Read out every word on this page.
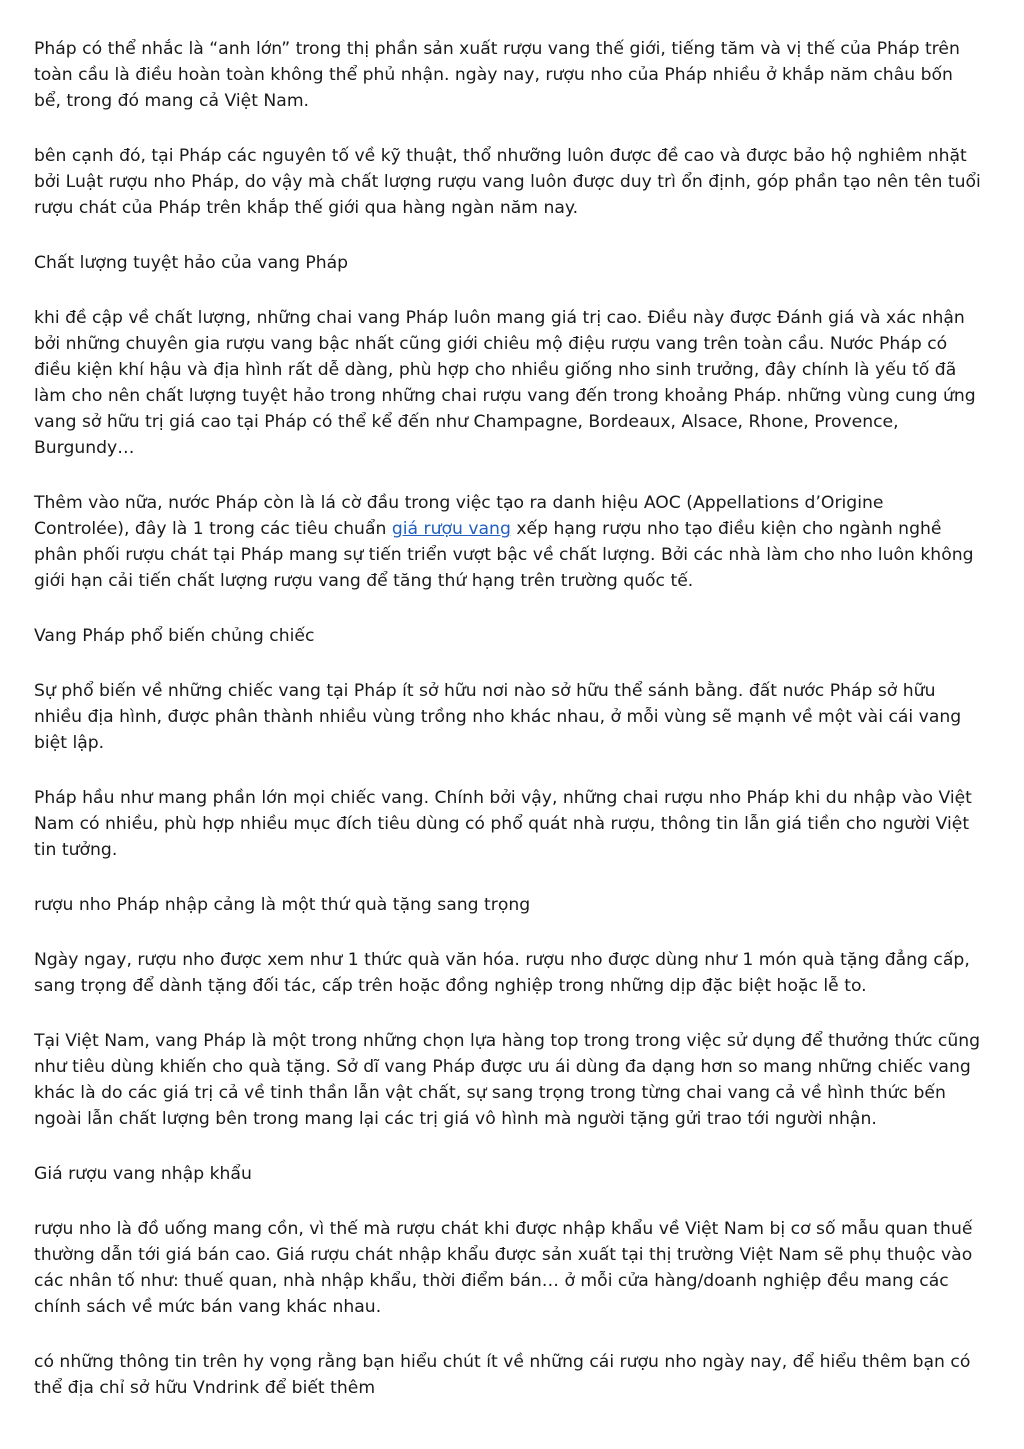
Pháp có thể nhắc là “anh lớn” trong thị phần sản xuất rượu vang thế giới, tiếng tăm và vị thế của Pháp trên toàn cầu là điều hoàn toàn không thể phủ nhận. ngày nay, rượu nho của Pháp nhiều ở khắp năm châu bốn bể, trong đó mang cả Việt Nam.

bên cạnh đó, tại Pháp các nguyên tố về kỹ thuật, thổ nhưỡng luôn được đề cao và được bảo hộ nghiêm nhặt bởi Luật rượu nho Pháp, do vậy mà chất lượng rượu vang luôn được duy trì ổn định, góp phần tạo nên tên tuổi rượu chát của Pháp trên khắp thế giới qua hàng ngàn năm nay.

Chất lượng tuyệt hảo của vang Pháp

khi đề cập về chất lượng, những chai vang Pháp luôn mang giá trị cao. Điều này được Đánh giá và xác nhận bởi những chuyên gia rượu vang bậc nhất cũng giới chiêu mộ điệu rượu vang trên toàn cầu. Nước Pháp có điều kiện khí hậu và địa hình rất dễ dàng, phù hợp cho nhiều giống nho sinh trưởng, đây chính là yếu tố đã làm cho nên chất lượng tuyệt hảo trong những chai rượu vang đến trong khoảng Pháp. những vùng cung ứng vang sở hữu trị giá cao tại Pháp có thể kể đến như Champagne, Bordeaux, Alsace, Rhone, Provence, Burgundy…

Thêm vào nữa, nước Pháp còn là lá cờ đầu trong việc tạo ra danh hiệu AOC (Appellations d’Origine Controlée), đây là 1 trong các tiêu chuẩn giá rượu vang xếp hạng rượu nho tạo điều kiện cho ngành nghề phân phối rượu chát tại Pháp mang sự tiến triển vượt bậc về chất lượng. Bởi các nhà làm cho nho luôn không giới hạn cải tiến chất lượng rượu vang để tăng thứ hạng trên trường quốc tế.

Vang Pháp phổ biến chủng chiếc

Sự phổ biến về những chiếc vang tại Pháp ít sở hữu nơi nào sở hữu thể sánh bằng. đất nước Pháp sở hữu nhiều địa hình, được phân thành nhiều vùng trồng nho khác nhau, ở mỗi vùng sẽ mạnh về một vài cái vang biệt lập.

Pháp hầu như mang phần lớn mọi chiếc vang. Chính bởi vậy, những chai rượu nho Pháp khi du nhập vào Việt Nam có nhiều, phù hợp nhiều mục đích tiêu dùng có phổ quát nhà rượu, thông tin lẫn giá tiền cho người Việt tin tưởng.

rượu nho Pháp nhập cảng là một thứ quà tặng sang trọng

Ngày ngay, rượu nho được xem như 1 thức quà văn hóa. rượu nho được dùng như 1 món quà tặng đẳng cấp, sang trọng để dành tặng đối tác, cấp trên hoặc đồng nghiệp trong những dịp đặc biệt hoặc lễ to.

Tại Việt Nam, vang Pháp là một trong những chọn lựa hàng top trong trong việc sử dụng để thưởng thức cũng như tiêu dùng khiến cho quà tặng. Sở dĩ vang Pháp được ưu ái dùng đa dạng hơn so mang những chiếc vang khác là do các giá trị cả về tinh thần lẫn vật chất, sự sang trọng trong từng chai vang cả về hình thức bến ngoài lẫn chất lượng bên trong mang lại các trị giá vô hình mà người tặng gửi trao tới người nhận.

Giá rượu vang nhập khẩu

rượu nho là đồ uống mang cồn, vì thế mà rượu chát khi được nhập khẩu về Việt Nam bị cơ số mẫu quan thuế thường dẫn tới giá bán cao. Giá rượu chát nhập khẩu được sản xuất tại thị trường Việt Nam sẽ phụ thuộc vào các nhân tố như: thuế quan, nhà nhập khẩu, thời điểm bán… ở mỗi cửa hàng/doanh nghiệp đều mang các chính sách về mức bán vang khác nhau.

có những thông tin trên hy vọng rằng bạn hiểu chút ít về những cái rượu nho ngày nay, để hiểu thêm bạn có thể địa chỉ sở hữu Vndrink để biết thêm
